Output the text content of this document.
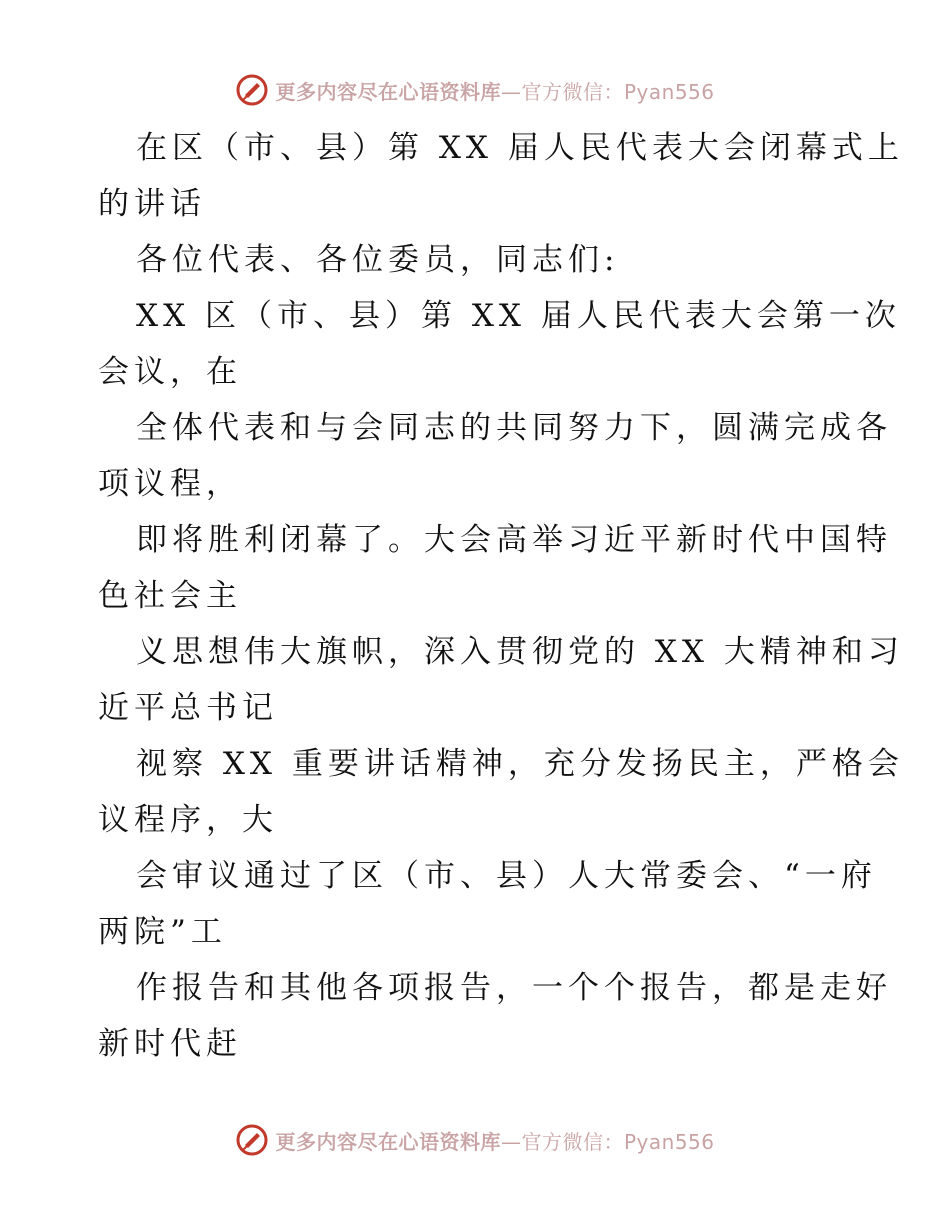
更多内容尽在心语资料库—官方微信：Pyan556

在区（市、县）第 XX 届人民代表大会闭幕式上
的讲话

各位代表、各位委员，同志们:

XX 区（市、县）第 XX 届人民代表大会第一次
会议，在

全体代表和与会同志的共同努力下，圆满完成各
项议程，

即将胜利闭幕了。大会高举习近平新时代中国特
色社会主

义思想伟大旗帜，深入贯彻党的 XX 大精神和习
近平总书记

视察 XX 重要讲话精神，充分发扬民主，严格会
议程序，大

会审议通过了区（市、县）人大常委会、“一府
两院”工

作报告和其他各项报告，一个个报告，都是走好
新时代赶

更多内容尽在心语资料库—官方微信：Pyan556
